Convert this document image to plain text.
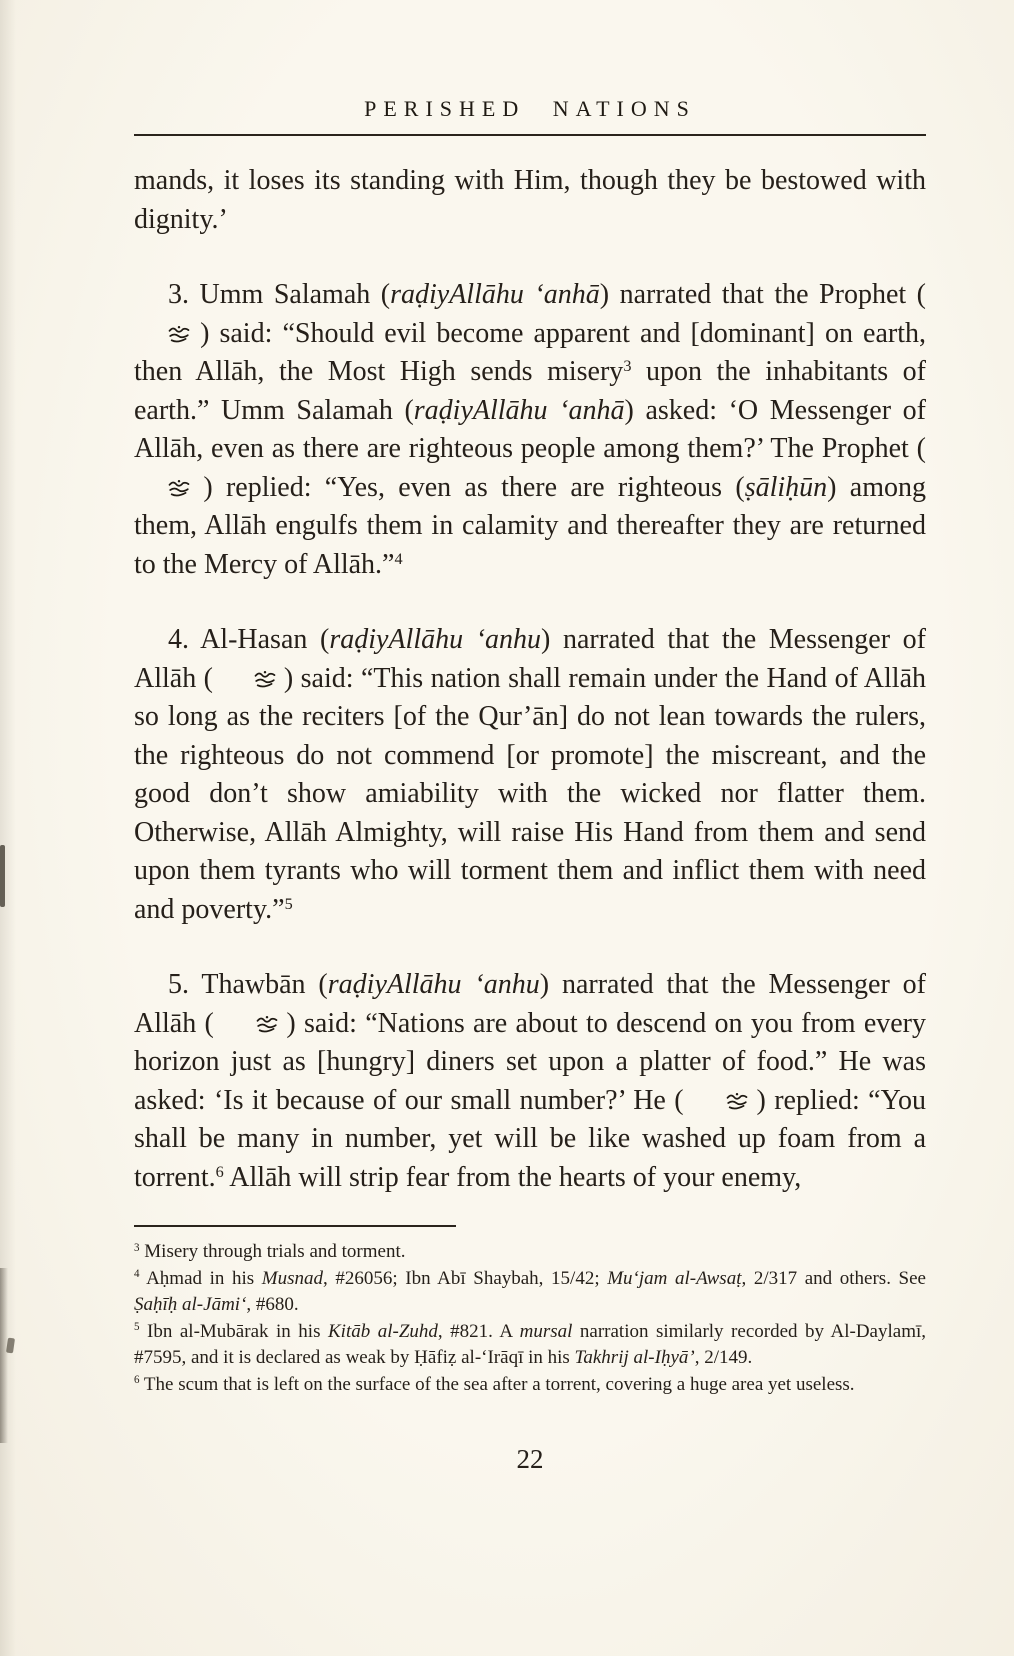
PERISHED NATIONS

mands, it loses its standing with Him, though they be bestowed with dignity.’

3. Umm Salamah (raḍiyAllāhu ‘anhā) narrated that the Prophet (  ) said: “Should evil become apparent and [dominant] on earth, then Allāh, the Most High sends misery$^3$ upon the inhabitants of earth.” Umm Salamah (raḍiyAllāhu ‘anhā) asked: ‘O Messenger of Allāh, even as there are righteous people among them?’ The Prophet (  ) replied: “Yes, even as there are righteous (ṣāliḥūn) among them, Allāh engulfs them in calamity and thereafter they are returned to the Mercy of Allāh.”$^4$

4. Al-Hasan (raḍiyAllāhu ‘anhu) narrated that the Messenger of Allāh (	) said: “This nation shall remain under the Hand of Allāh so long as the reciters [of the Qur’ān] do not lean towards the rulers, the righteous do not commend [or promote] the miscreant, and the good don’t show amiability with the wicked nor flatter them. Otherwise, Allāh Almighty, will raise His Hand from them and send upon them tyrants who will torment them and inflict them with need and poverty.”$^5$

5. Thawbān (raḍiyAllāhu ‘anhu) narrated that the Messenger of Allāh (	) said: “Nations are about to descend on you from every horizon just as [hungry] diners set upon a platter of food.” He was asked: ‘Is it because of our small number?’ He (	) replied: “You shall be many in number, yet will be like washed up foam from a torrent.$^6$ Allāh will strip fear from the hearts of your enemy,

$^3$ Misery through trials and torment.

$^4$ Aḥmad in his Musnad, #26056; Ibn Abī Shaybah, 15/42; Mu‘jam al-Awsaṭ, 2/317 and others. See Ṣaḥīḥ al-Jāmi‘, #680.

$^5$ Ibn al-Mubārak in his Kitāb al-Zuhd, #821. A mursal narration similarly recorded by Al-Daylamī, #7595, and it is declared as weak by Ḥāfiẓ al-‘Irāqī in his Takhrij al-Iḥyā’, 2/149.

$^6$ The scum that is left on the surface of the sea after a torrent, covering a huge area yet useless.

22
